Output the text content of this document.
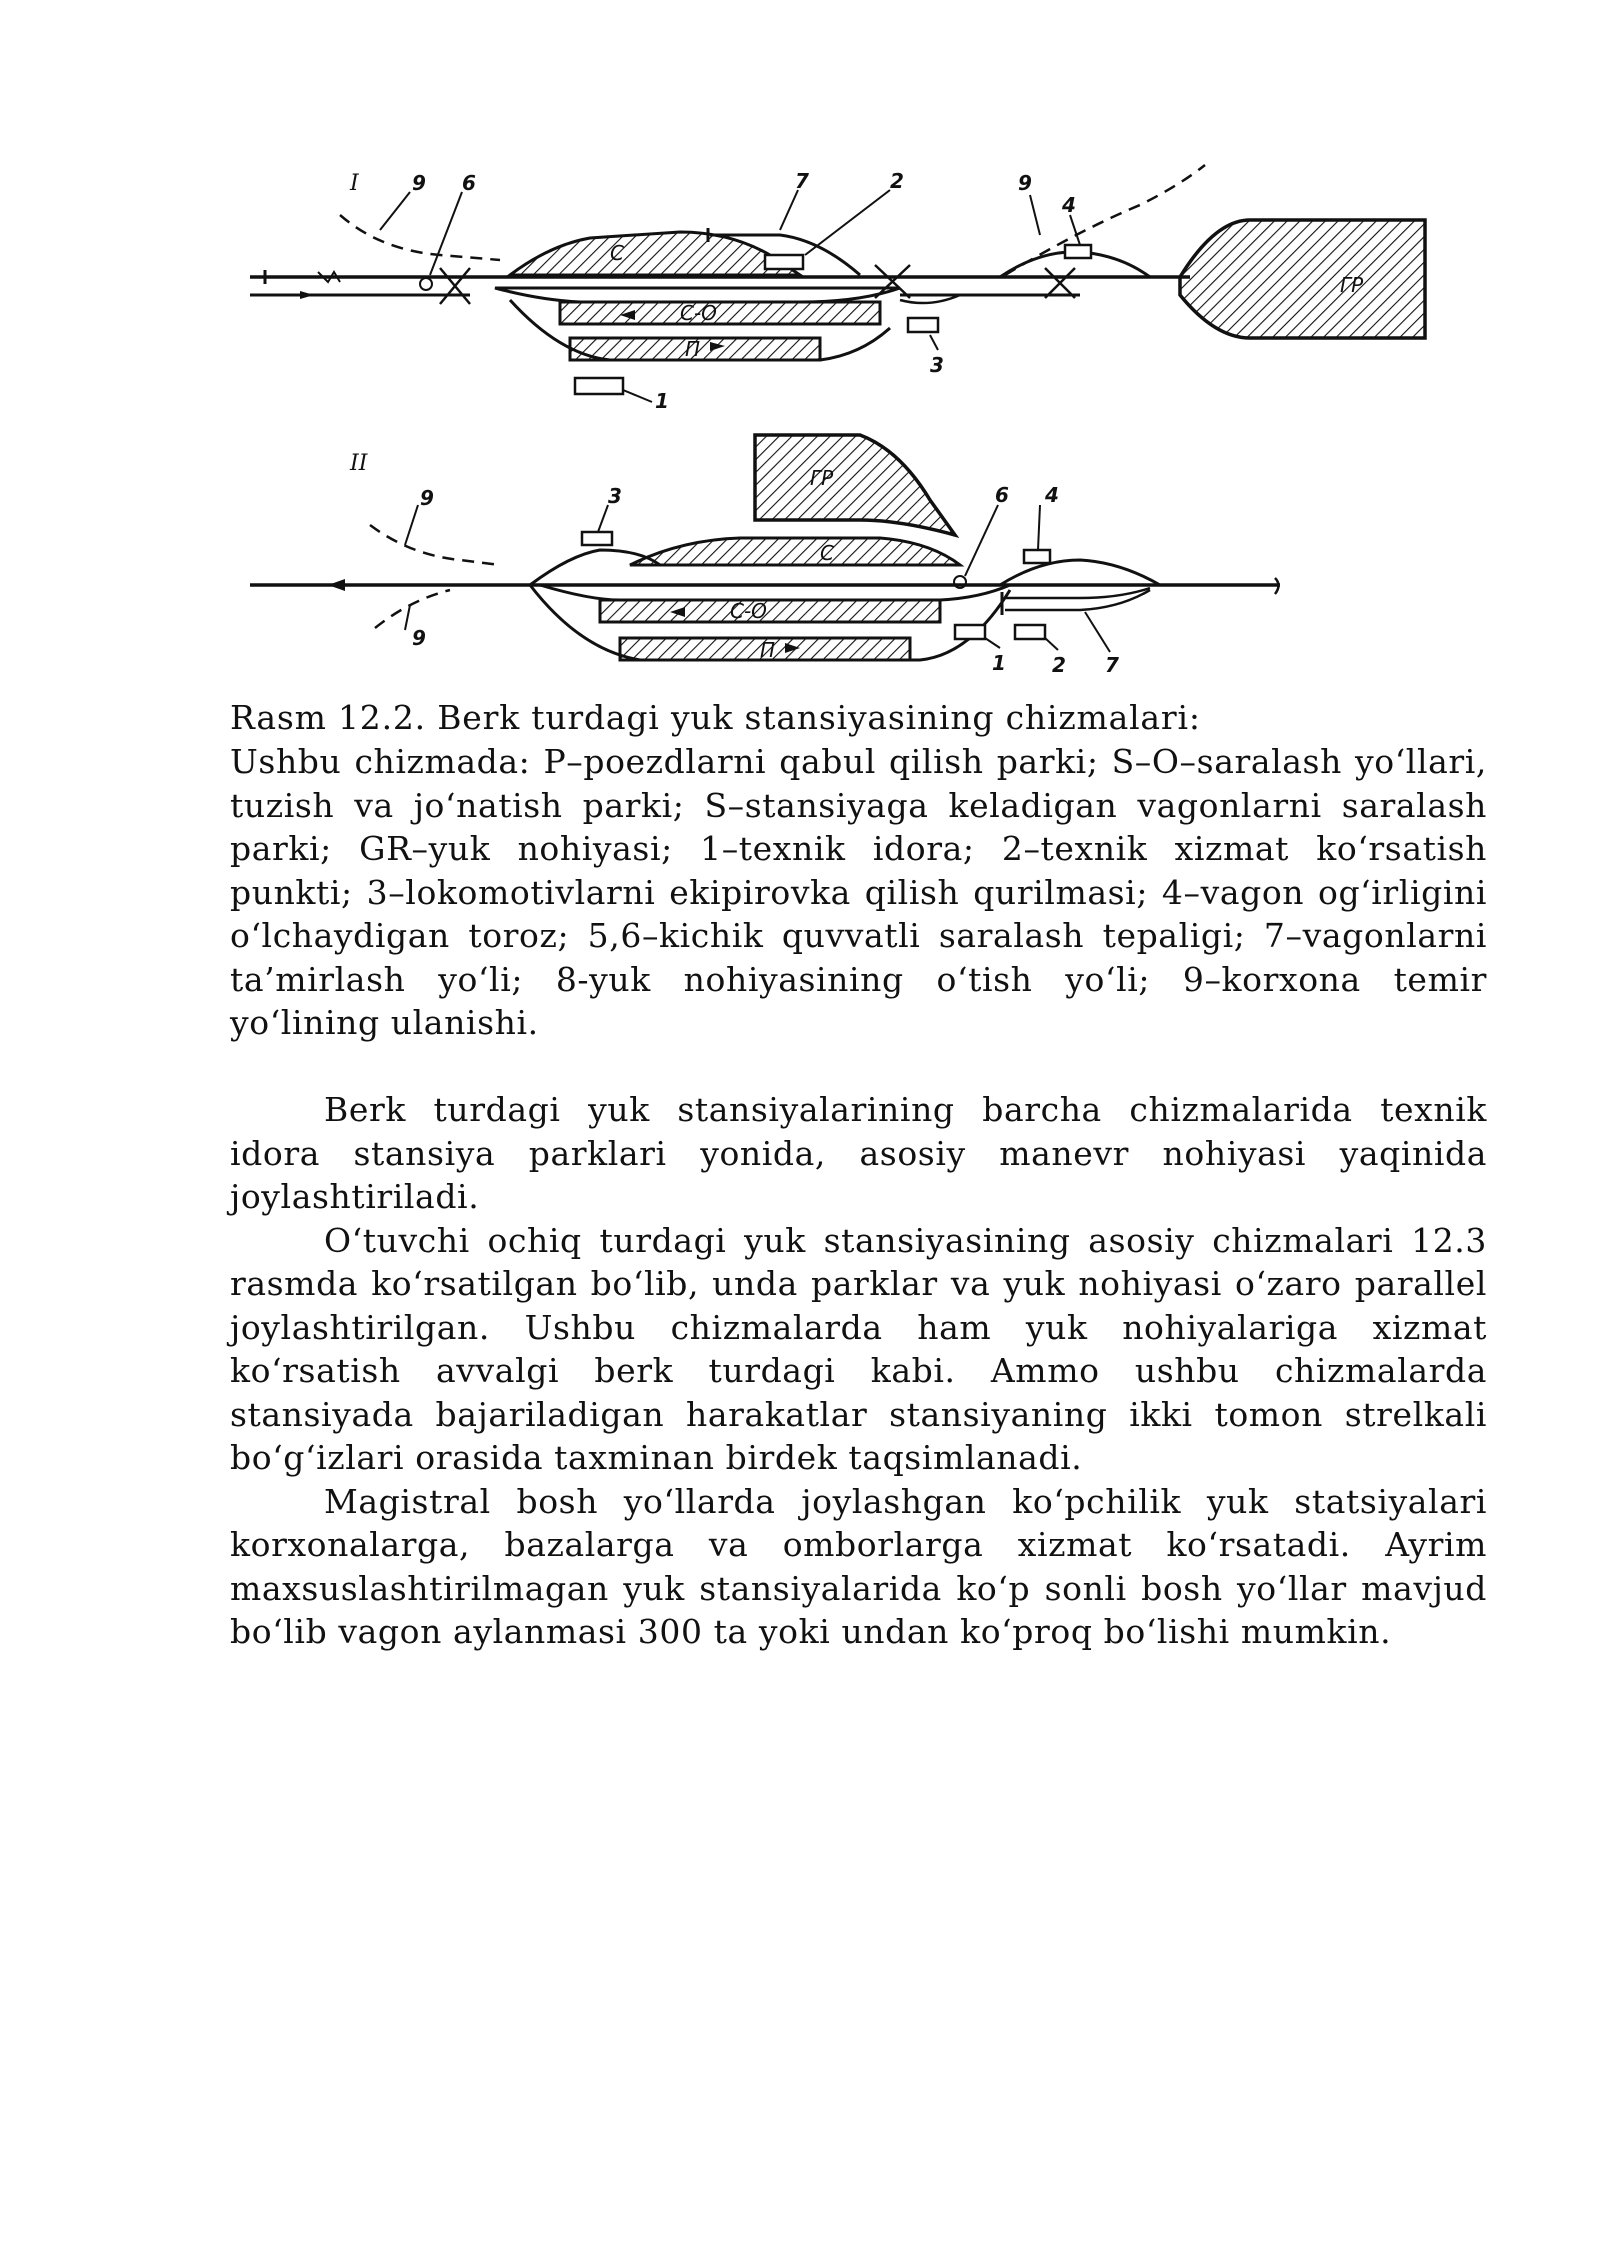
I
С
С-О
П
ГР
9 6	7	2	9
4
3
1
II
ГР
С
С-О
П
9
9
3	6 4
1 2 7
Rasm 12.2. Berk turdagi yuk stansiyasining chizmalari:
Ushbu chizmada: P–poezdlarni qabul qilish parki; S–O–saralash yo‘llari, tuzish va jo‘natish parki; S–stansiyaga keladigan vagonlarni saralash parki; GR–yuk nohiyasi; 1–texnik idora; 2–texnik xizmat ko‘rsatish punkti; 3–lokomotivlarni ekipirovka qilish qurilmasi; 4–vagon og‘irligini o‘lchaydigan toroz; 5,6–kichik quvvatli saralash tepaligi; 7–vagonlarni ta’mirlash yo‘li; 8-yuk nohiyasining o‘tish yo‘li; 9–korxona temir yo‘lining ulanishi.

Berk turdagi yuk stansiyalarining barcha chizmalarida texnik idora stansiya parklari yonida, asosiy manevr nohiyasi yaqinida joylashtiriladi.

O‘tuvchi ochiq turdagi yuk stansiyasining asosiy chizmalari 12.3 rasmda ko‘rsatilgan bo‘lib, unda parklar va yuk nohiyasi o‘zaro parallel joylashtirilgan. Ushbu chizmalarda ham yuk nohiyalariga xizmat ko‘rsatish avvalgi berk turdagi kabi. Ammo ushbu chizmalarda stansiyada bajariladigan harakatlar stansiyaning ikki tomon strelkali bo‘g‘izlari orasida taxminan birdek taqsimlanadi.

Magistral bosh yo‘llarda joylashgan ko‘pchilik yuk statsiyalari korxonalarga, bazalarga va omborlarga xizmat ko‘rsatadi. Ayrim maxsuslashtirilmagan yuk stansiyalarida ko‘p sonli bosh yo‘llar mavjud bo‘lib vagon aylanmasi 300 ta yoki undan ko‘proq bo‘lishi mumkin.
